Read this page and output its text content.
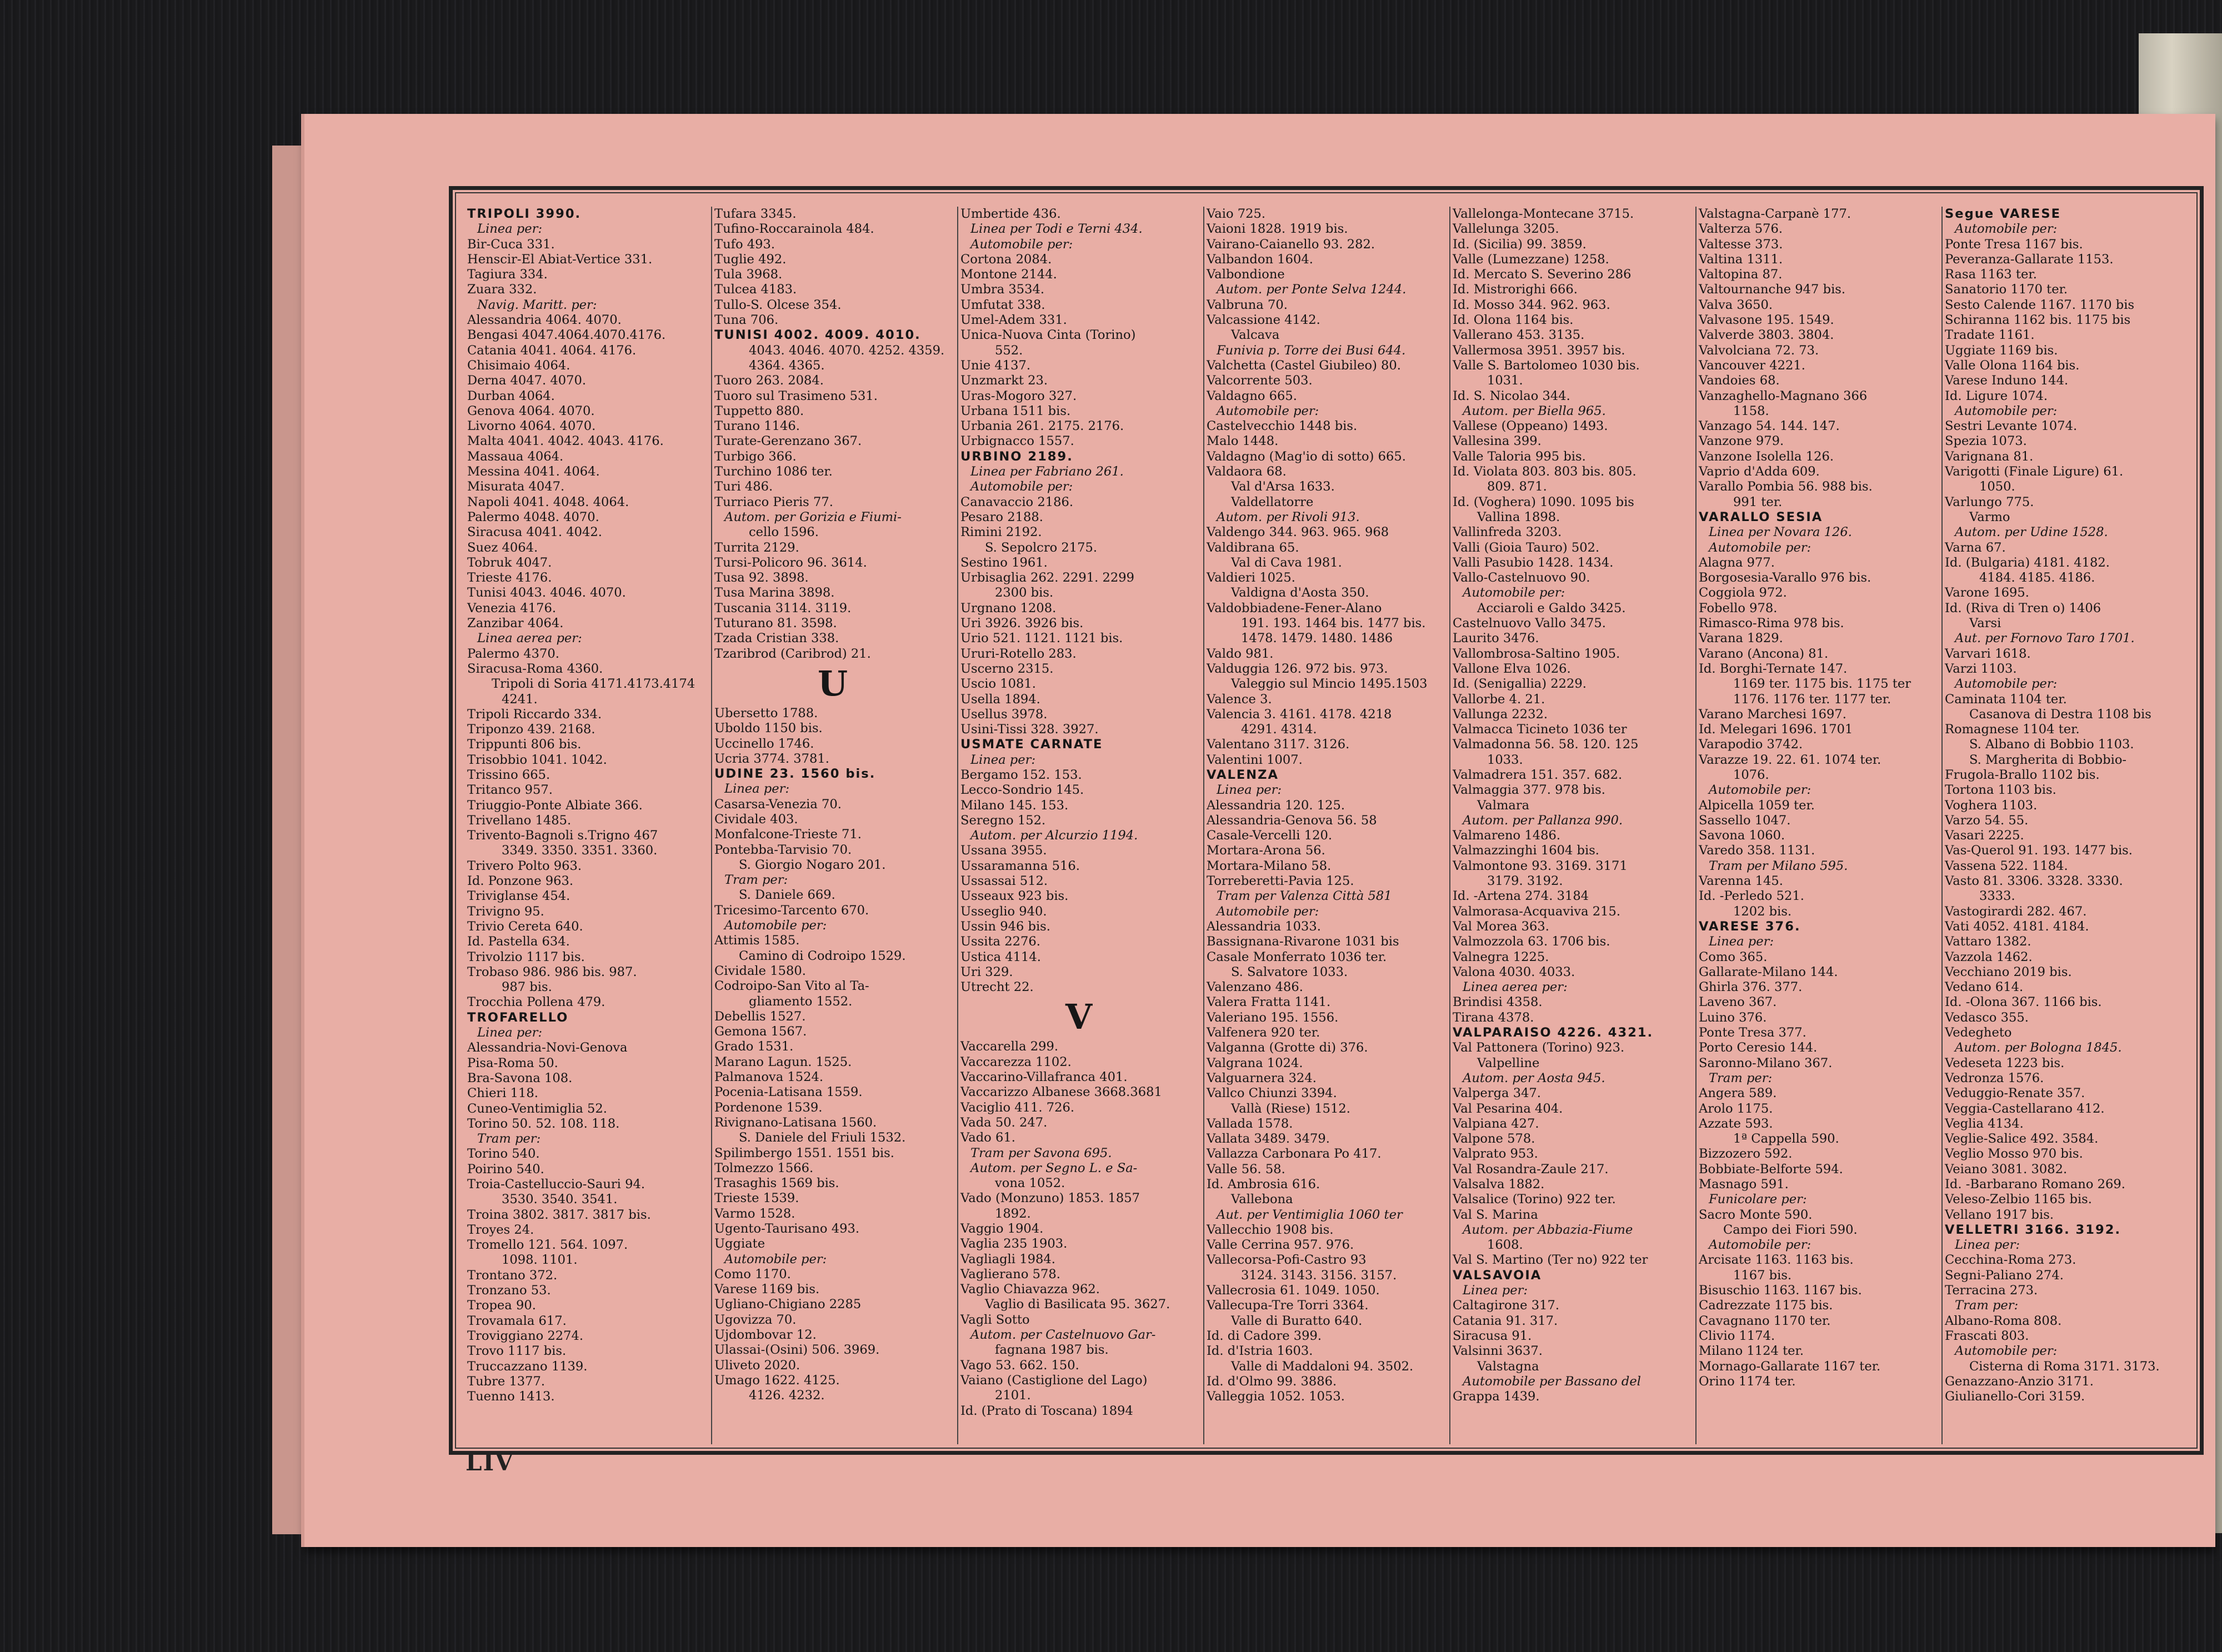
TRIPOLI 3990.
Linea per:
Bir-Cuca 331.
Henscir-El Abiat-Vertice 331.
Tagiura 334.
Zuara 332.
Navig. Maritt. per:
Alessandria 4064. 4070.
Bengasi 4047.4064.4070.4176.
Catania 4041. 4064. 4176.
Chisimaio 4064.
Derna 4047. 4070.
Durban 4064.
Genova 4064. 4070.
Livorno 4064. 4070.
Malta 4041. 4042. 4043. 4176.
Massaua 4064.
Messina 4041. 4064.
Misurata 4047.
Napoli 4041. 4048. 4064.
Palermo 4048. 4070.
Siracusa 4041. 4042.
Suez 4064.
Tobruk 4047.
Trieste 4176.
Tunisi 4043. 4046. 4070.
Venezia 4176.
Zanzibar 4064.
Linea aerea per:
Palermo 4370.
Siracusa-Roma 4360.
Tripoli di Soria 4171.4173.4174
4241.
Tripoli Riccardo 334.
Triponzo 439. 2168.
Trippunti 806 bis.
Trisobbio 1041. 1042.
Trissino 665.
Tritanco 957.
Triuggio-Ponte Albiate 366.
Trivellano 1485.
Trivento-Bagnoli s.Trigno 467
3349. 3350. 3351. 3360.
Trivero Polto 963.
Id. Ponzone 963.
Triviglanse 454.
Trivigno 95.
Trivio Cereta 640.
Id. Pastella 634.
Trivolzio 1117 bis.
Trobaso 986. 986 bis. 987.
987 bis.
Trocchia Pollena 479.
TROFARELLO
Linea per:
Alessandria-Novi-Genova
Pisa-Roma 50.
Bra-Savona 108.
Chieri 118.
Cuneo-Ventimiglia 52.
Torino 50. 52. 108. 118.
Tram per:
Torino 540.
Poirino 540.
Troia-Castelluccio-Sauri 94.
3530. 3540. 3541.
Troina 3802. 3817. 3817 bis.
Troyes 24.
Tromello 121. 564. 1097.
1098. 1101.
Trontano 372.
Tronzano 53.
Tropea 90.
Trovamala 617.
Troviggiano 2274.
Trovo 1117 bis.
Truccazzano 1139.
Tubre 1377.
Tuenno 1413.
Tufara 3345.
Tufino-Roccarainola 484.
Tufo 493.
Tuglie 492.
Tula 3968.
Tulcea 4183.
Tullo-S. Olcese 354.
Tuna 706.
TUNISI 4002. 4009. 4010.
4043. 4046. 4070. 4252. 4359.
4364. 4365.
Tuoro 263. 2084.
Tuoro sul Trasimeno 531.
Tuppetto 880.
Turano 1146.
Turate-Gerenzano 367.
Turbigo 366.
Turchino 1086 ter.
Turi 486.
Turriaco Pieris 77.
Autom. per Gorizia e Fiumi-
cello 1596.
Turrita 2129.
Tursi-Policoro 96. 3614.
Tusa 92. 3898.
Tusa Marina 3898.
Tuscania 3114. 3119.
Tuturano 81. 3598.
Tzada Cristian 338.
Tzaribrod (Caribrod) 21.
U
Ubersetto 1788.
Uboldo 1150 bis.
Uccinello 1746.
Ucria 3774. 3781.
UDINE 23. 1560 bis.
Linea per:
Casarsa-Venezia 70.
Cividale 403.
Monfalcone-Trieste 71.
Pontebba-Tarvisio 70.
S. Giorgio Nogaro 201.
Tram per:
S. Daniele 669.
Tricesimo-Tarcento 670.
Automobile per:
Attimis 1585.
Camino di Codroipo 1529.
Cividale 1580.
Codroipo-San Vito al Ta-
gliamento 1552.
Debellis 1527.
Gemona 1567.
Grado 1531.
Marano Lagun. 1525.
Palmanova 1524.
Pocenia-Latisana 1559.
Pordenone 1539.
Rivignano-Latisana 1560.
S. Daniele del Friuli 1532.
Spilimbergo 1551. 1551 bis.
Tolmezzo 1566.
Trasaghis 1569 bis.
Trieste 1539.
Varmo 1528.
Ugento-Taurisano 493.
Uggiate
Automobile per:
Como 1170.
Varese 1169 bis.
Ugliano-Chigiano 2285
Ugovizza 70.
Ujdombovar 12.
Ulassai-(Osini) 506. 3969.
Uliveto 2020.
Umago 1622. 4125.
4126. 4232.
Umbertide 436.
Linea per Todi e Terni 434.
Automobile per:
Cortona 2084.
Montone 2144.
Umbra 3534.
Umfutat 338.
Umel-Adem 331.
Unica-Nuova Cinta (Torino)
552.
Unie 4137.
Unzmarkt 23.
Uras-Mogoro 327.
Urbana 1511 bis.
Urbania 261. 2175. 2176.
Urbignacco 1557.
URBINO 2189.
Linea per Fabriano 261.
Automobile per:
Canavaccio 2186.
Pesaro 2188.
Rimini 2192.
S. Sepolcro 2175.
Sestino 1961.
Urbisaglia 262. 2291. 2299
2300 bis.
Urgnano 1208.
Uri 3926. 3926 bis.
Urio 521. 1121. 1121 bis.
Ururi-Rotello 283.
Uscerno 2315.
Uscio 1081.
Usella 1894.
Usellus 3978.
Usini-Tissi 328. 3927.
USMATE CARNATE
Linea per:
Bergamo 152. 153.
Lecco-Sondrio 145.
Milano 145. 153.
Seregno 152.
Autom. per Alcurzio 1194.
Ussana 3955.
Ussaramanna 516.
Ussassai 512.
Usseaux 923 bis.
Usseglio 940.
Ussin 946 bis.
Ussita 2276.
Ustica 4114.
Uri 329.
Utrecht 22.
V
Vaccarella 299.
Vaccarezza 1102.
Vaccarino-Villafranca 401.
Vaccarizzo Albanese 3668.3681
Vaciglio 411. 726.
Vada 50. 247.
Vado 61.
Tram per Savona 695.
Autom. per Segno L. e Sa-
vona 1052.
Vado (Monzuno) 1853. 1857
1892.
Vaggio 1904.
Vaglia 235 1903.
Vagliagli 1984.
Vaglierano 578.
Vaglio Chiavazza 962.
Vaglio di Basilicata 95. 3627.
Vagli Sotto
Autom. per Castelnuovo Gar-
fagnana 1987 bis.
Vago 53. 662. 150.
Vaiano (Castiglione del Lago)
2101.
Id. (Prato di Toscana) 1894
Vaio 725.
Vaioni 1828. 1919 bis.
Vairano-Caianello 93. 282.
Valbandon 1604.
Valbondione
Autom. per Ponte Selva 1244.
Valbruna 70.
Valcassione 4142.
Valcava
Funivia p. Torre dei Busi 644.
Valchetta (Castel Giubileo) 80.
Valcorrente 503.
Valdagno 665.
Automobile per:
Castelvecchio 1448 bis.
Malo 1448.
Valdagno (Mag'io di sotto) 665.
Valdaora 68.
Val d'Arsa 1633.
Valdellatorre
Autom. per Rivoli 913.
Valdengo 344. 963. 965. 968
Valdibrana 65.
Val di Cava 1981.
Valdieri 1025.
Valdigna d'Aosta 350.
Valdobbiadene-Fener-Alano
191. 193. 1464 bis. 1477 bis.
1478. 1479. 1480. 1486
Valdo 981.
Valduggia 126. 972 bis. 973.
Valeggio sul Mincio 1495.1503
Valence 3.
Valencia 3. 4161. 4178. 4218
4291. 4314.
Valentano 3117. 3126.
Valentini 1007.
VALENZA
Linea per:
Alessandria 120. 125.
Alessandria-Genova 56. 58
Casale-Vercelli 120.
Mortara-Arona 56.
Mortara-Milano 58.
Torreberetti-Pavia 125.
Tram per Valenza Città 581
Automobile per:
Alessandria 1033.
Bassignana-Rivarone 1031 bis
Casale Monferrato 1036 ter.
S. Salvatore 1033.
Valenzano 486.
Valera Fratta 1141.
Valeriano 195. 1556.
Valfenera 920 ter.
Valganna (Grotte di) 376.
Valgrana 1024.
Valguarnera 324.
Vallco Chiunzi 3394.
Vallà (Riese) 1512.
Vallada 1578.
Vallata 3489. 3479.
Vallazza Carbonara Po 417.
Valle 56. 58.
Id. Ambrosia 616.
Vallebona
Aut. per Ventimiglia 1060 ter
Vallecchio 1908 bis.
Valle Cerrina 957. 976.
Vallecorsa-Pofi-Castro 93
3124. 3143. 3156. 3157.
Vallecrosia 61. 1049. 1050.
Vallecupa-Tre Torri 3364.
Valle di Buratto 640.
Id. di Cadore 399.
Id. d'Istria 1603.
Valle di Maddaloni 94. 3502.
Id. d'Olmo 99. 3886.
Valleggia 1052. 1053.
Vallelonga-Montecane 3715.
Vallelunga 3205.
Id. (Sicilia) 99. 3859.
Valle (Lumezzane) 1258.
Id. Mercato S. Severino 286
Id. Mistrorighi 666.
Id. Mosso 344. 962. 963.
Id. Olona 1164 bis.
Vallerano 453. 3135.
Vallermosa 3951. 3957 bis.
Valle S. Bartolomeo 1030 bis.
1031.
Id. S. Nicolao 344.
Autom. per Biella 965.
Vallese (Oppeano) 1493.
Vallesina 399.
Valle Taloria 995 bis.
Id. Violata 803. 803 bis. 805.
809. 871.
Id. (Voghera) 1090. 1095 bis
Vallinа 1898.
Vallinfreda 3203.
Valli (Gioia Tauro) 502.
Valli Pasubio 1428. 1434.
Vallo-Castelnuovo 90.
Automobile per:
Acciaroli e Galdo 3425.
Castelnuovo Vallo 3475.
Laurito 3476.
Vallombrosa-Saltino 1905.
Vallone Elva 1026.
Id. (Senigallia) 2229.
Vallorbe 4. 21.
Vallunga 2232.
Valmacca Ticineto 1036 ter
Valmadonna 56. 58. 120. 125
1033.
Valmadrera 151. 357. 682.
Valmaggia 377. 978 bis.
Valmara
Autom. per Pallanza 990.
Valmareno 1486.
Valmazzinghi 1604 bis.
Valmontone 93. 3169. 3171
3179. 3192.
Id. -Artena 274. 3184
Valmorasa-Acquaviva 215.
Val Morea 363.
Valmozzola 63. 1706 bis.
Valnegra 1225.
Valona 4030. 4033.
Linea aerea per:
Brindisi 4358.
Tirana 4378.
VALPARAISO 4226. 4321.
Val Pattonera (Torino) 923.
Valpelline
Autom. per Aosta 945.
Valperga 347.
Val Pesarina 404.
Valpiana 427.
Valpone 578.
Valprato 953.
Val Rosandra-Zaule 217.
Valsalva 1882.
Valsalice (Torino) 922 ter.
Val S. Marina
Autom. per Abbazia-Fiume
1608.
Val S. Martino (Ter no) 922 ter
VALSAVOIA
Linea per:
Caltagirone 317.
Catania 91. 317.
Siracusa 91.
Valsinni 3637.
Valstagna
Automobile per Bassano del
Grappa 1439.
Valstagna-Carpanè 177.
Valterza 576.
Valtesse 373.
Valtina 1311.
Valtopina 87.
Valtournanche 947 bis.
Valva 3650.
Valvasone 195. 1549.
Valverde 3803. 3804.
Valvolciana 72. 73.
Vancouver 4221.
Vandoies 68.
Vanzaghello-Magnano 366
1158.
Vanzago 54. 144. 147.
Vanzone 979.
Vanzone Isolella 126.
Vaprio d'Adda 609.
Varallo Pombia 56. 988 bis.
991 ter.
VARALLO SESIA
Linea per Novara 126.
Automobile per:
Alagna 977.
Borgosesia-Varallo 976 bis.
Coggiola 972.
Fobello 978.
Rimasco-Rima 978 bis.
Varana 1829.
Varano (Ancona) 81.
Id. Borghi-Ternate 147.
1169 ter. 1175 bis. 1175 ter
1176. 1176 ter. 1177 ter.
Varano Marchesi 1697.
Id. Melegari 1696. 1701
Varapodio 3742.
Varazze 19. 22. 61. 1074 ter.
1076.
Automobile per:
Alpicella 1059 ter.
Sassello 1047.
Savona 1060.
Varedo 358. 1131.
Tram per Milano 595.
Varenna 145.
Id. -Perledo 521.
1202 bis.
VARESE 376.
Linea per:
Como 365.
Gallarate-Milano 144.
Ghirla 376. 377.
Laveno 367.
Luino 376.
Ponte Tresa 377.
Porto Ceresio 144.
Saronno-Milano 367.
Tram per:
Angera 589.
Arolo 1175.
Azzate 593.
1ª Cappella 590.
Bizzozero 592.
Bobbiate-Belforte 594.
Masnago 591.
Funicolare per:
Sacro Monte 590.
Campo dei Fiori 590.
Automobile per:
Arcisate 1163. 1163 bis.
1167 bis.
Bisuschio 1163. 1167 bis.
Cadrezzate 1175 bis.
Cavagnano 1170 ter.
Clivio 1174.
Milano 1124 ter.
Mornago-Gallarate 1167 ter.
Orino 1174 ter.
Segue VARESE
Automobile per:
Ponte Tresa 1167 bis.
Peveranza-Gallarate 1153.
Rasa 1163 ter.
Sanatorio 1170 ter.
Sesto Calende 1167. 1170 bis
Schiranna 1162 bis. 1175 bis
Tradate 1161.
Uggiate 1169 bis.
Valle Olona 1164 bis.
Varese Induno 144.
Id. Ligure 1074.
Automobile per:
Sestri Levante 1074.
Spezia 1073.
Varignana 81.
Varigotti (Finale Ligure) 61.
1050.
Varlungo 775.
Varmo
Autom. per Udine 1528.
Varna 67.
Id. (Bulgaria) 4181. 4182.
4184. 4185. 4186.
Varone 1695.
Id. (Riva di Tren o) 1406
Varsi
Aut. per Fornovo Taro 1701.
Varvari 1618.
Varzi 1103.
Automobile per:
Caminata 1104 ter.
Casanova di Destra 1108 bis
Romagnese 1104 ter.
S. Albano di Bobbio 1103.
S. Margherita di Bobbio-
Frugola-Brallo 1102 bis.
Tortona 1103 bis.
Voghera 1103.
Varzo 54. 55.
Vasari 2225.
Vas-Querol 91. 193. 1477 bis.
Vassena 522. 1184.
Vasto 81. 3306. 3328. 3330.
3333.
Vastogirardi 282. 467.
Vati 4052. 4181. 4184.
Vattaro 1382.
Vazzola 1462.
Vecchiano 2019 bis.
Vedano 614.
Id. -Olona 367. 1166 bis.
Vedasco 355.
Vedegheto
Autom. per Bologna 1845.
Vedeseta 1223 bis.
Vedronza 1576.
Veduggio-Renate 357.
Veggia-Castellarano 412.
Veglia 4134.
Veglie-Salice 492. 3584.
Veglio Mosso 970 bis.
Veiano 3081. 3082.
Id. -Barbarano Romano 269.
Veleso-Zelbio 1165 bis.
Vellano 1917 bis.
VELLETRI 3166. 3192.
Linea per:
Cecchina-Roma 273.
Segni-Paliano 274.
Terracina 273.
Tram per:
Albano-Roma 808.
Frascati 803.
Automobile per:
Cisterna di Roma 3171. 3173.
Genazzano-Anzio 3171.
Giulianello-Cori 3159.
LIV
